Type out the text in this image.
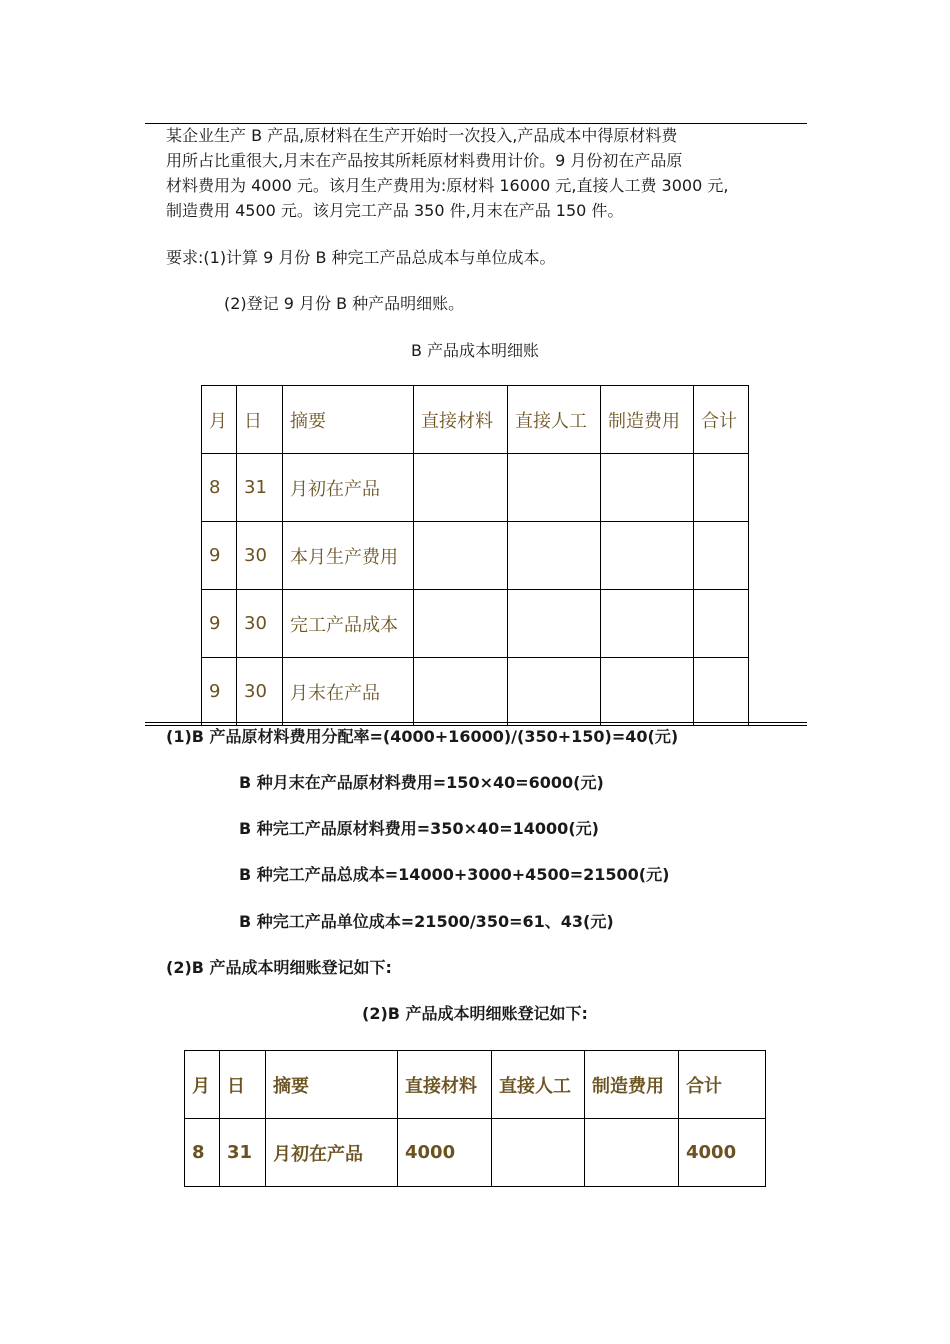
某企业生产 B 产品,原材料在生产开始时一次投入,产品成本中得原材料费
用所占比重很大,月末在产品按其所耗原材料费用计价。9 月份初在产品原
材料费用为 4000 元。该月生产费用为:原材料 16000 元,直接人工费 3000 元,
制造费用 4500 元。该月完工产品 350 件,月末在产品 150 件。

要求:(1)计算 9 月份 B 种完工产品总成本与单位成本。

(2)登记 9 月份 B 种产品明细账。

B 产品成本明细账

月	日	摘要	直接材料	直接人工	制造费用	合计
8	31	月初在产品				
9	30	本月生产费用				
9	30	完工产品成本				
9	30	月末在产品				

(1)B 产品原材料费用分配率=(4000+16000)/(350+150)=40(元)

B 种月末在产品原材料费用=150×40=6000(元)

B 种完工产品原材料费用=350×40=14000(元)

B 种完工产品总成本=14000+3000+4500=21500(元)

B 种完工产品单位成本=21500/350=61、43(元)

(2)B 产品成本明细账登记如下:

(2)B 产品成本明细账登记如下:

月	日	摘要	直接材料	直接人工	制造费用	合计
8	31	月初在产品	4000			4000
